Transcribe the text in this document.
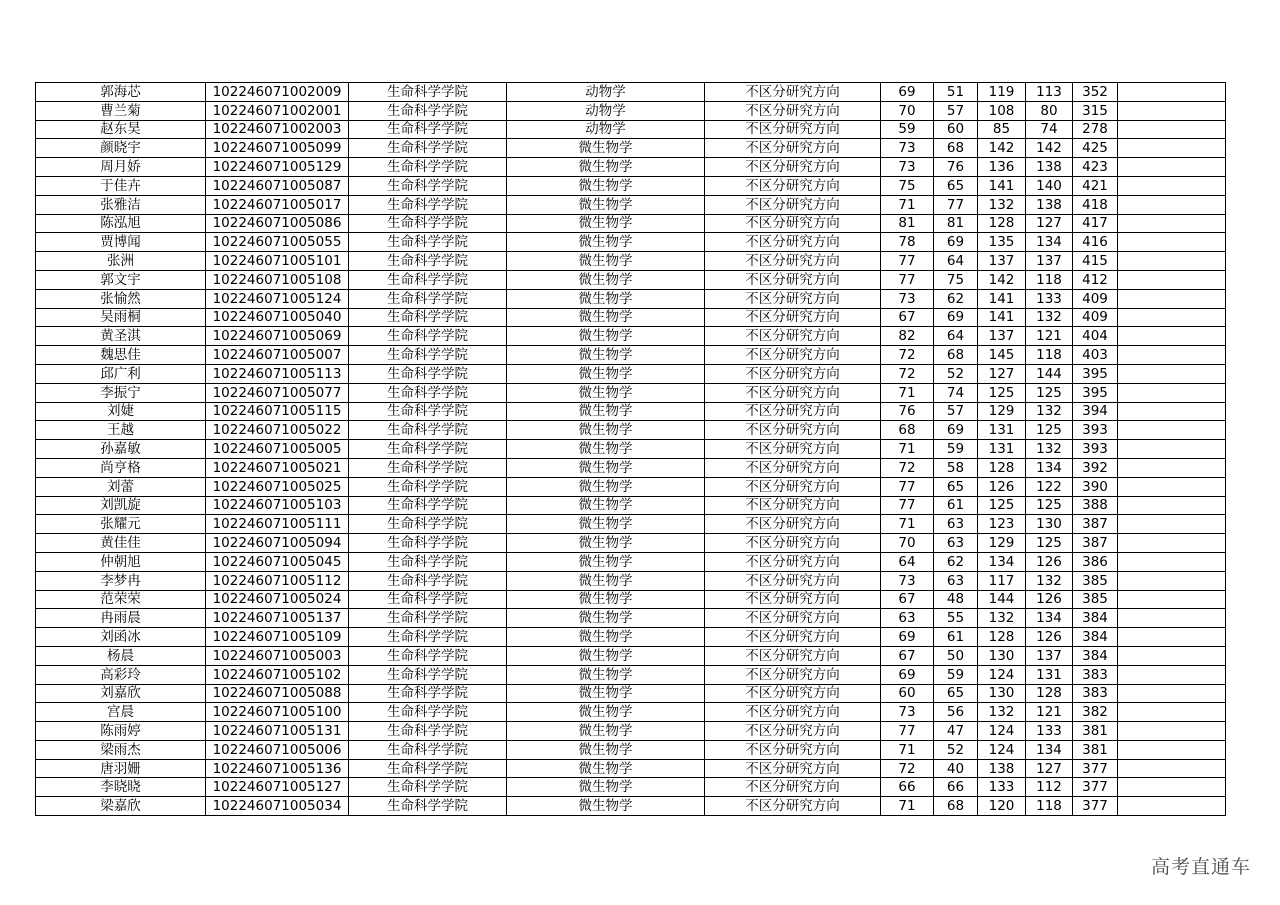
郭海芯	102246071002009	生命科学学院	动物学	不区分研究方向	69	51	119	113	352	
曹兰菊	102246071002001	生命科学学院	动物学	不区分研究方向	70	57	108	80	315	
赵东昊	102246071002003	生命科学学院	动物学	不区分研究方向	59	60	85	74	278	
颜晓宇	102246071005099	生命科学学院	微生物学	不区分研究方向	73	68	142	142	425	
周月娇	102246071005129	生命科学学院	微生物学	不区分研究方向	73	76	136	138	423	
于佳卉	102246071005087	生命科学学院	微生物学	不区分研究方向	75	65	141	140	421	
张雅洁	102246071005017	生命科学学院	微生物学	不区分研究方向	71	77	132	138	418	
陈泓旭	102246071005086	生命科学学院	微生物学	不区分研究方向	81	81	128	127	417	
贾博闻	102246071005055	生命科学学院	微生物学	不区分研究方向	78	69	135	134	416	
张洲	102246071005101	生命科学学院	微生物学	不区分研究方向	77	64	137	137	415	
郭文宇	102246071005108	生命科学学院	微生物学	不区分研究方向	77	75	142	118	412	
张愉然	102246071005124	生命科学学院	微生物学	不区分研究方向	73	62	141	133	409	
吴雨桐	102246071005040	生命科学学院	微生物学	不区分研究方向	67	69	141	132	409	
黄圣淇	102246071005069	生命科学学院	微生物学	不区分研究方向	82	64	137	121	404	
魏思佳	102246071005007	生命科学学院	微生物学	不区分研究方向	72	68	145	118	403	
邱广利	102246071005113	生命科学学院	微生物学	不区分研究方向	72	52	127	144	395	
李振宁	102246071005077	生命科学学院	微生物学	不区分研究方向	71	74	125	125	395	
刘婕	102246071005115	生命科学学院	微生物学	不区分研究方向	76	57	129	132	394	
王越	102246071005022	生命科学学院	微生物学	不区分研究方向	68	69	131	125	393	
孙嘉敏	102246071005005	生命科学学院	微生物学	不区分研究方向	71	59	131	132	393	
尚亨格	102246071005021	生命科学学院	微生物学	不区分研究方向	72	58	128	134	392	
刘蕾	102246071005025	生命科学学院	微生物学	不区分研究方向	77	65	126	122	390	
刘凯旋	102246071005103	生命科学学院	微生物学	不区分研究方向	77	61	125	125	388	
张耀元	102246071005111	生命科学学院	微生物学	不区分研究方向	71	63	123	130	387	
黄佳佳	102246071005094	生命科学学院	微生物学	不区分研究方向	70	63	129	125	387	
仲朝旭	102246071005045	生命科学学院	微生物学	不区分研究方向	64	62	134	126	386	
李梦冉	102246071005112	生命科学学院	微生物学	不区分研究方向	73	63	117	132	385	
范荣荣	102246071005024	生命科学学院	微生物学	不区分研究方向	67	48	144	126	385	
冉雨晨	102246071005137	生命科学学院	微生物学	不区分研究方向	63	55	132	134	384	
刘函冰	102246071005109	生命科学学院	微生物学	不区分研究方向	69	61	128	126	384	
杨晨	102246071005003	生命科学学院	微生物学	不区分研究方向	67	50	130	137	384	
高彩玲	102246071005102	生命科学学院	微生物学	不区分研究方向	69	59	124	131	383	
刘嘉欣	102246071005088	生命科学学院	微生物学	不区分研究方向	60	65	130	128	383	
宫晨	102246071005100	生命科学学院	微生物学	不区分研究方向	73	56	132	121	382	
陈雨婷	102246071005131	生命科学学院	微生物学	不区分研究方向	77	47	124	133	381	
梁雨杰	102246071005006	生命科学学院	微生物学	不区分研究方向	71	52	124	134	381	
唐羽姗	102246071005136	生命科学学院	微生物学	不区分研究方向	72	40	138	127	377	
李晓晓	102246071005127	生命科学学院	微生物学	不区分研究方向	66	66	133	112	377	
梁嘉欣	102246071005034	生命科学学院	微生物学	不区分研究方向	71	68	120	118	377	
高考直通车
